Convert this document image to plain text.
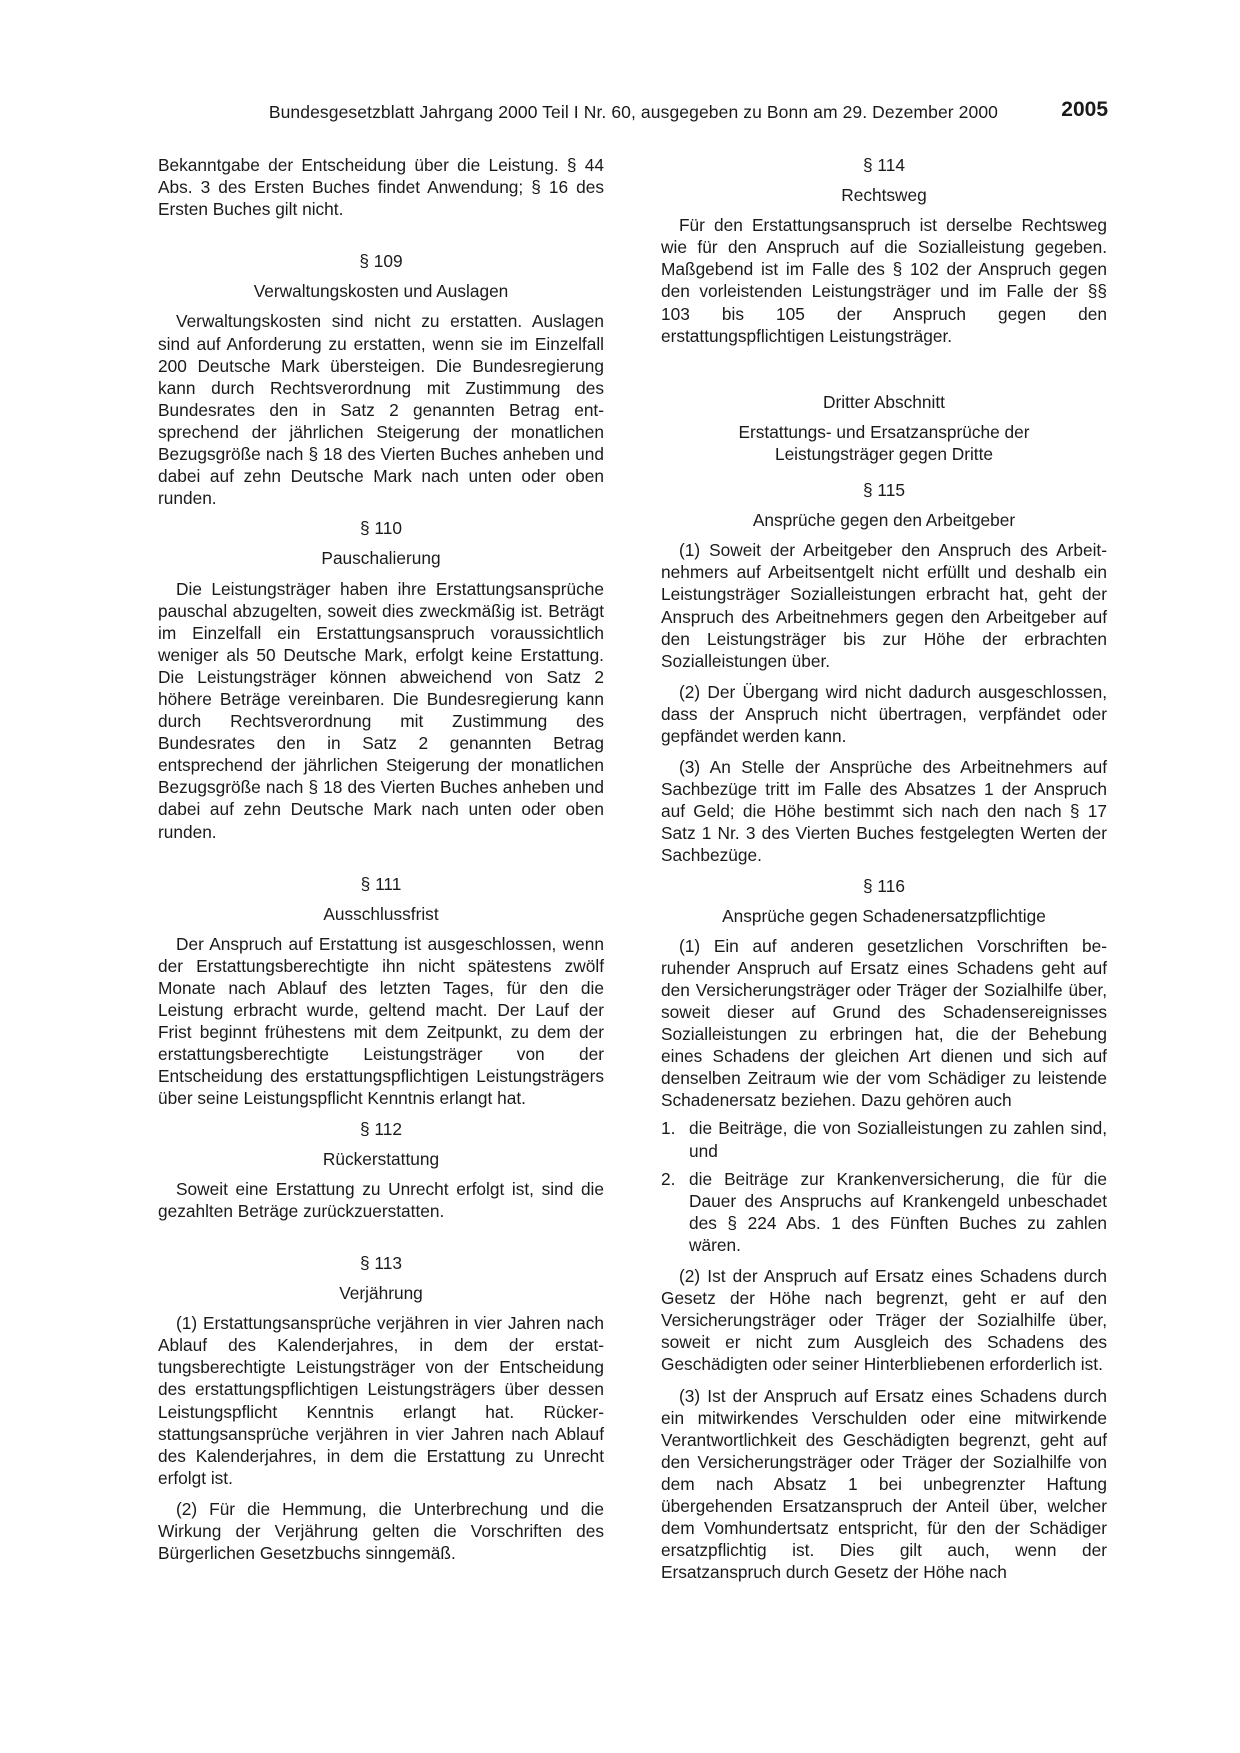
Bundesgesetzblatt Jahrgang 2000 Teil I Nr. 60, ausgegeben zu Bonn am 29. Dezember 2000	2005

Bekanntgabe der Entscheidung über die Leistung. § 44 Abs. 3 des Ersten Buches findet Anwendung; § 16 des Ersten Buches gilt nicht.

§ 109

Verwaltungskosten und Auslagen

Verwaltungskosten sind nicht zu erstatten. Auslagen sind auf Anforderung zu erstatten, wenn sie im Einzelfall 200 Deutsche Mark übersteigen. Die Bundesregierung kann durch Rechtsverordnung mit Zustimmung des Bundesrates den in Satz 2 genannten Betrag entsprechend der jährlichen Steigerung der monatlichen Bezugsgröße nach § 18 des Vierten Buches anheben und dabei auf zehn Deutsche Mark nach unten oder oben runden.

§ 110

Pauschalierung

Die Leistungsträger haben ihre Erstattungsansprüche pauschal abzugelten, soweit dies zweckmäßig ist. Beträgt im Einzelfall ein Erstattungsanspruch voraussichtlich weniger als 50 Deutsche Mark, erfolgt keine Erstattung. Die Leistungsträger können abweichend von Satz 2 höhere Beträge vereinbaren. Die Bundesregierung kann durch Rechtsverordnung mit Zustimmung des Bundesrates den in Satz 2 genannten Betrag entsprechend der jährlichen Steigerung der monatlichen Bezugsgröße nach § 18 des Vierten Buches anheben und dabei auf zehn Deutsche Mark nach unten oder oben runden.

§ 111

Ausschlussfrist

Der Anspruch auf Erstattung ist ausgeschlossen, wenn der Erstattungsberechtigte ihn nicht spätestens zwölf Monate nach Ablauf des letzten Tages, für den die Leistung erbracht wurde, geltend macht. Der Lauf der Frist beginnt frühestens mit dem Zeitpunkt, zu dem der erstattungsberechtigte Leistungsträger von der Entscheidung des erstattungspflichtigen Leistungsträgers über seine Leistungspflicht Kenntnis erlangt hat.

§ 112

Rückerstattung

Soweit eine Erstattung zu Unrecht erfolgt ist, sind die gezahlten Beträge zurückzuerstatten.

§ 113

Verjährung

(1) Erstattungsansprüche verjähren in vier Jahren nach Ablauf des Kalenderjahres, in dem der erstattungsberechtigte Leistungsträger von der Entscheidung des erstattungspflichtigen Leistungsträgers über dessen Leistungspflicht Kenntnis erlangt hat. Rückerstattungsansprüche verjähren in vier Jahren nach Ablauf des Kalenderjahres, in dem die Erstattung zu Unrecht erfolgt ist.

(2) Für die Hemmung, die Unterbrechung und die Wirkung der Verjährung gelten die Vorschriften des Bürgerlichen Gesetzbuchs sinngemäß.

§ 114

Rechtsweg

Für den Erstattungsanspruch ist derselbe Rechtsweg wie für den Anspruch auf die Sozialleistung gegeben. Maßgebend ist im Falle des § 102 der Anspruch gegen den vorleistenden Leistungsträger und im Falle der §§ 103 bis 105 der Anspruch gegen den erstattungspflichtigen Leistungsträger.

Dritter Abschnitt

Erstattungs- und Ersatzansprüche der

Leistungsträger gegen Dritte

§ 115

Ansprüche gegen den Arbeitgeber

(1) Soweit der Arbeitgeber den Anspruch des Arbeitnehmers auf Arbeitsentgelt nicht erfüllt und deshalb ein Leistungsträger Sozialleistungen erbracht hat, geht der Anspruch des Arbeitnehmers gegen den Arbeitgeber auf den Leistungsträger bis zur Höhe der erbrachten Sozialleistungen über.

(2) Der Übergang wird nicht dadurch ausgeschlossen, dass der Anspruch nicht übertragen, verpfändet oder gepfändet werden kann.

(3) An Stelle der Ansprüche des Arbeitnehmers auf Sachbezüge tritt im Falle des Absatzes 1 der Anspruch auf Geld; die Höhe bestimmt sich nach den nach § 17 Satz 1 Nr. 3 des Vierten Buches festgelegten Werten der Sachbezüge.

§ 116

Ansprüche gegen Schadenersatzpflichtige

(1) Ein auf anderen gesetzlichen Vorschriften beruhender Anspruch auf Ersatz eines Schadens geht auf den Versicherungsträger oder Träger der Sozialhilfe über, soweit dieser auf Grund des Schadensereignisses Sozialleistungen zu erbringen hat, die der Behebung eines Schadens der gleichen Art dienen und sich auf denselben Zeitraum wie der vom Schädiger zu leistende Schadenersatz beziehen. Dazu gehören auch

1. die Beiträge, die von Sozialleistungen zu zahlen sind, und
2. die Beiträge zur Krankenversicherung, die für die Dauer des Anspruchs auf Krankengeld unbeschadet des § 224 Abs. 1 des Fünften Buches zu zahlen wären.

(2) Ist der Anspruch auf Ersatz eines Schadens durch Gesetz der Höhe nach begrenzt, geht er auf den Versicherungsträger oder Träger der Sozialhilfe über, soweit er nicht zum Ausgleich des Schadens des Geschädigten oder seiner Hinterbliebenen erforderlich ist.

(3) Ist der Anspruch auf Ersatz eines Schadens durch ein mitwirkendes Verschulden oder eine mitwirkende Verantwortlichkeit des Geschädigten begrenzt, geht auf den Versicherungsträger oder Träger der Sozialhilfe von dem nach Absatz 1 bei unbegrenzter Haftung übergehenden Ersatzanspruch der Anteil über, welcher dem Vomhundertsatz entspricht, für den der Schädiger ersatzpflichtig ist. Dies gilt auch, wenn der Ersatzanspruch durch Gesetz der Höhe nach
